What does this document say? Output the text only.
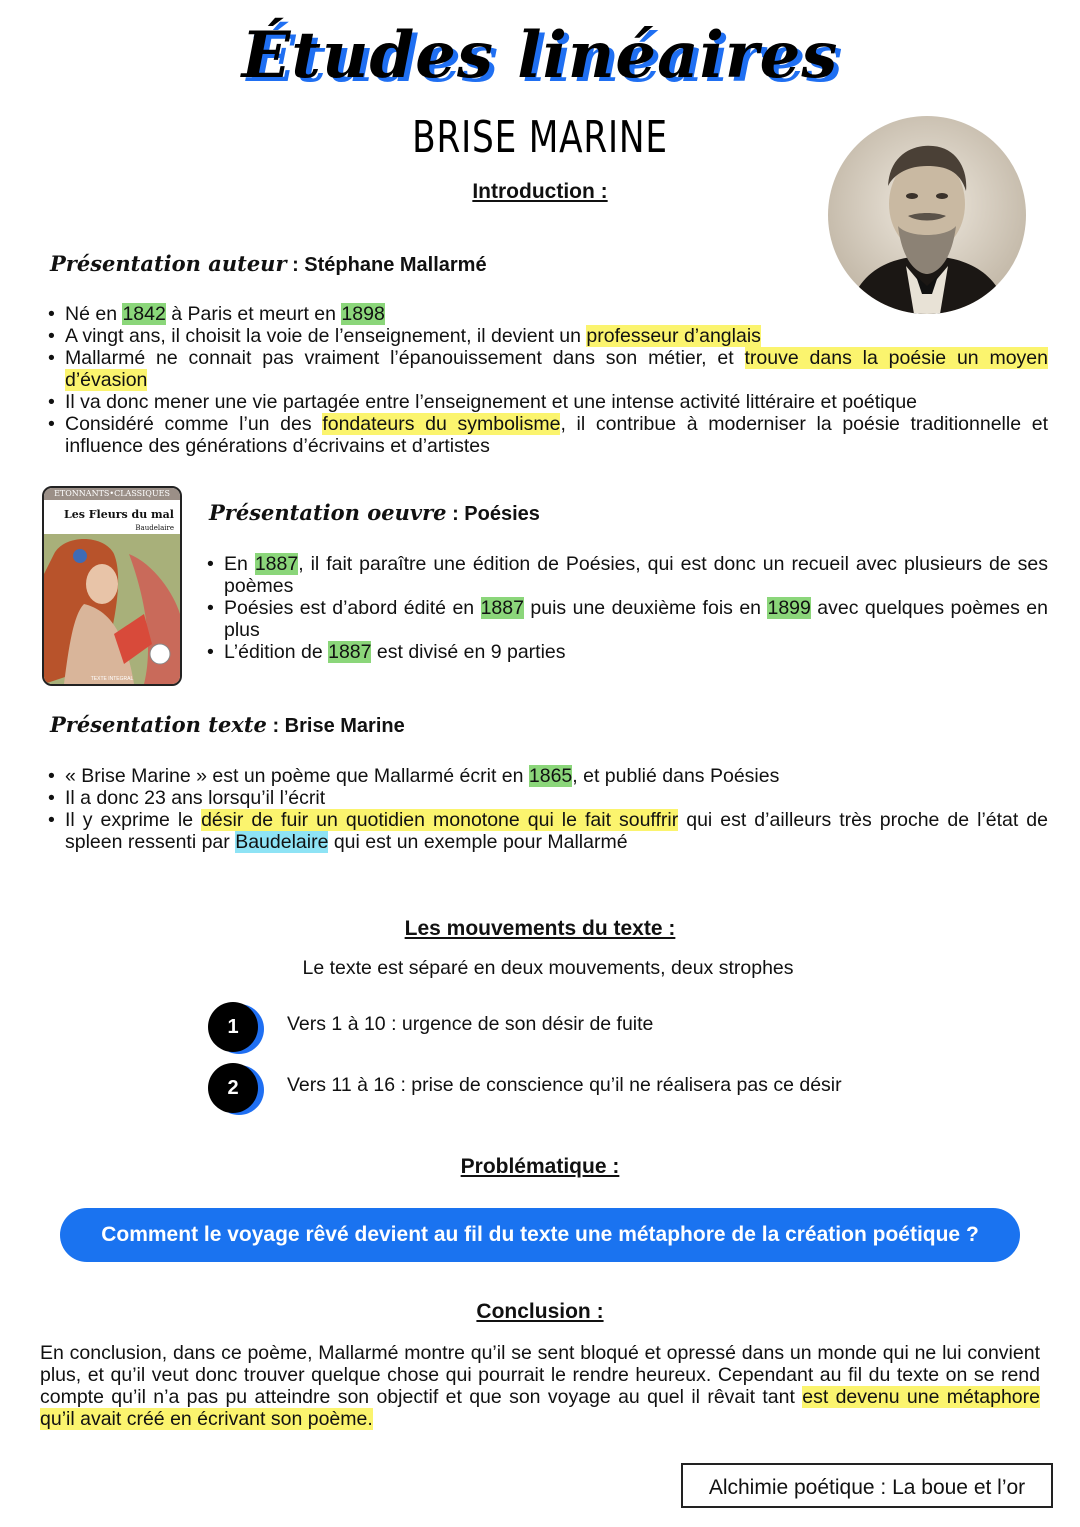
Études linéaires
BRISE MARINE
Introduction :
Présentation auteur : Stéphane Mallarmé
• Né en 1842 à Paris et meurt en 1898
• A vingt ans, il choisit la voie de l’enseignement, il devient un professeur d’anglais
• Mallarmé ne connait pas vraiment l’épanouissement dans son métier, et trouve dans la poésie un moyen d’évasion
• Il va donc mener une vie partagée entre l’enseignement et une intense activité littéraire et poétique
• Considéré comme l’un des fondateurs du symbolisme, il contribue à moderniser la poésie traditionnelle et influence des générations d’écrivains et d’artistes
ETONNANTS•CLASSIQUES
Les Fleurs du mal
Baudelaire
TEXTE INTEGRAL
Présentation oeuvre : Poésies
• En 1887, il fait paraître une édition de Poésies, qui est donc un recueil avec plusieurs de ses poèmes
• Poésies est d’abord édité en 1887 puis une deuxième fois en 1899 avec quelques poèmes en plus
• L’édition de 1887 est divisé en 9 parties
Présentation texte : Brise Marine
• « Brise Marine » est un poème que Mallarmé écrit en 1865, et publié dans Poésies
• Il a donc 23 ans lorsqu’il l’écrit
• Il y exprime le désir de fuir un quotidien monotone qui le fait souffrir qui est d’ailleurs très proche de l’état de spleen ressenti par Baudelaire qui est un exemple pour Mallarmé
Les mouvements du texte :
Le texte est séparé en deux mouvements, deux strophes
1	Vers 1 à 10 : urgence de son désir de fuite
2	Vers 11 à 16 : prise de conscience qu’il ne réalisera pas ce désir
Problématique :
Comment le voyage rêvé devient au fil du texte une métaphore de la création poétique ?
Conclusion :
En conclusion, dans ce poème, Mallarmé montre qu’il se sent bloqué et opressé dans un monde qui ne lui convient plus, et qu’il veut donc trouver quelque chose qui pourrait le rendre heureux. Cependant au fil du texte on se rend compte qu’il n’a pas pu atteindre son objectif et que son voyage au quel il rêvait tant est devenu une métaphore qu’il avait créé en écrivant son poème.
Alchimie poétique : La boue et l’or
